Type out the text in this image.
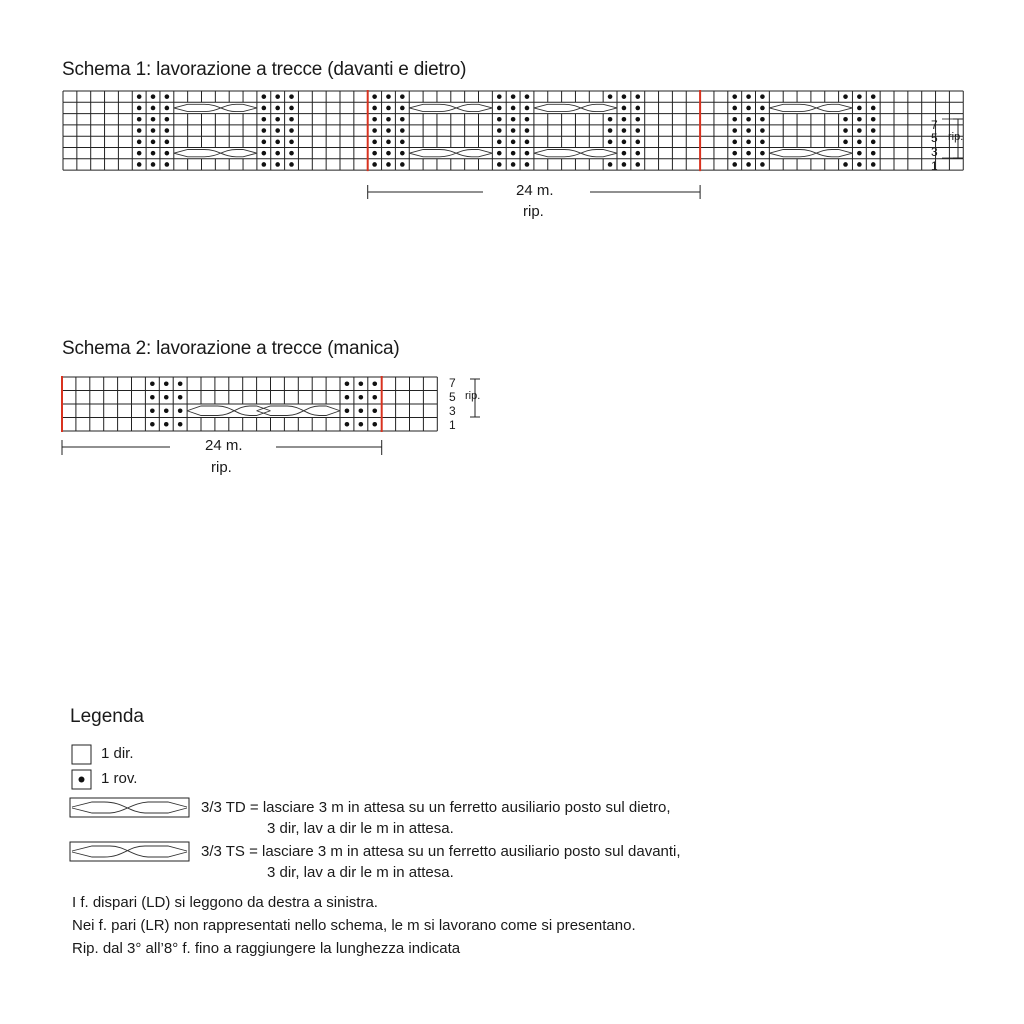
Schema 1: lavorazione a trecce (davanti e dietro)
7
5
3
1
rip.
24 m.
rip.
Schema 2: lavorazione a trecce (manica)
7
5
3
1
rip.
24 m.
rip.
Legenda
1 dir.
1 rov.
3/3 TD = lasciare 3 m in attesa su un ferretto ausiliario posto sul dietro,
3 dir, lav a dir le m in attesa.
3/3 TS = lasciare 3 m in attesa su un ferretto ausiliario posto sul davanti,
3 dir, lav a dir le m in attesa.
I f. dispari (LD) si leggono da destra a sinistra.
Nei f. pari (LR) non rappresentati nello schema, le m si lavorano come si presentano.
Rip. dal 3° all’8° f. fino a raggiungere la lunghezza indicata
